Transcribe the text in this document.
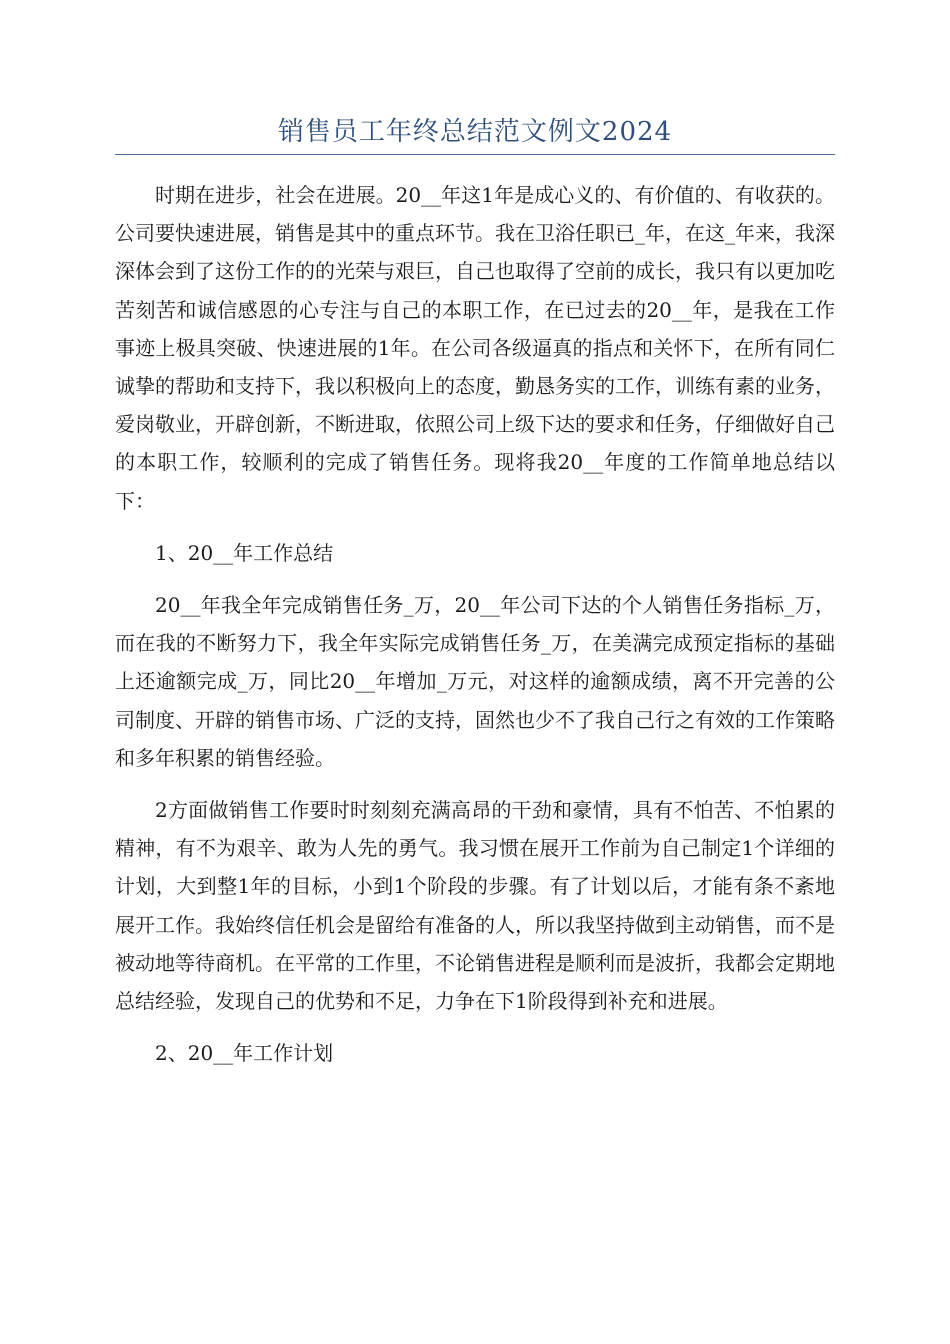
销售员工年终总结范文例文2024

时期在进步，社会在进展。20__年这1年是成心义的、有价值的、有收获的。公司要快速进展，销售是其中的重点环节。我在卫浴任职已_年，在这_年来，我深深体会到了这份工作的的光荣与艰巨，自己也取得了空前的成长，我只有以更加吃苦刻苦和诚信感恩的心专注与自己的本职工作，在已过去的20__年，是我在工作事迹上极具突破、快速进展的1年。在公司各级逼真的指点和关怀下，在所有同仁诚挚的帮助和支持下，我以积极向上的态度，勤恳务实的工作，训练有素的业务，爱岗敬业，开辟创新，不断进取，依照公司上级下达的要求和任务，仔细做好自己的本职工作，较顺利的完成了销售任务。现将我20__年度的工作简单地总结以下：

1、20__年工作总结

20__年我全年完成销售任务_万，20__年公司下达的个人销售任务指标_万，而在我的不断努力下，我全年实际完成销售任务_万，在美满完成预定指标的基础上还逾额完成_万，同比20__年增加_万元，对这样的逾额成绩，离不开完善的公司制度、开辟的销售市场、广泛的支持，固然也少不了我自己行之有效的工作策略和多年积累的销售经验。

2方面做销售工作要时时刻刻充满高昂的干劲和豪情，具有不怕苦、不怕累的精神，有不为艰辛、敢为人先的勇气。我习惯在展开工作前为自己制定1个详细的计划，大到整1年的目标，小到1个阶段的步骤。有了计划以后，才能有条不紊地展开工作。我始终信任机会是留给有准备的人，所以我坚持做到主动销售，而不是被动地等待商机。在平常的工作里，不论销售进程是顺利而是波折，我都会定期地总结经验，发现自己的优势和不足，力争在下1阶段得到补充和进展。

2、20__年工作计划
